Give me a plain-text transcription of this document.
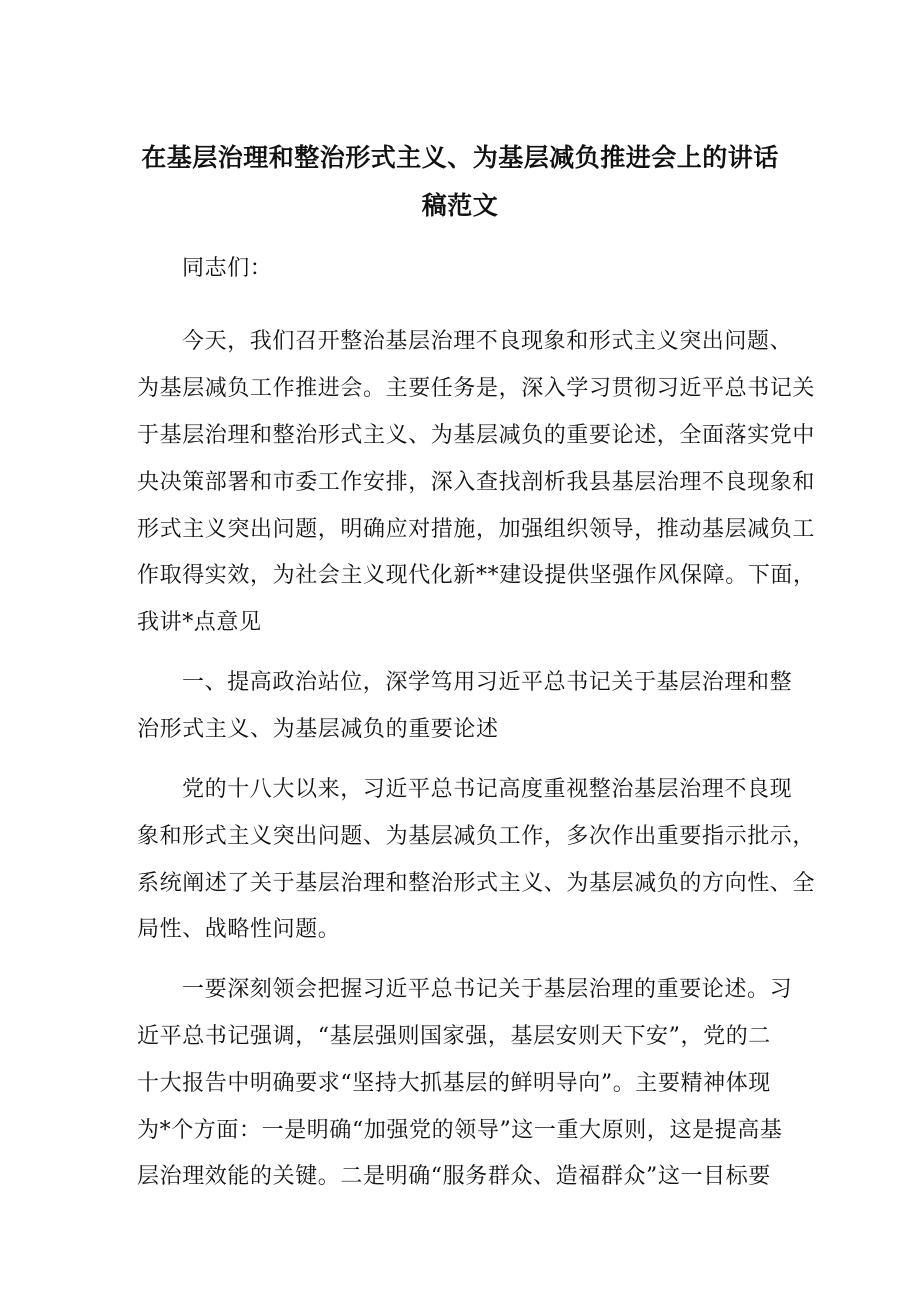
在基层治理和整治形式主义、为基层减负推进会上的讲话
稿范文

同志们：

今天，我们召开整治基层治理不良现象和形式主义突出问题、

为基层减负工作推进会。主要任务是，深入学习贯彻习近平总书记关

于基层治理和整治形式主义、为基层减负的重要论述，全面落实党中

央决策部署和市委工作安排，深入查找剖析我县基层治理不良现象和

形式主义突出问题，明确应对措施，加强组织领导，推动基层减负工

作取得实效，为社会主义现代化新**建设提供坚强作风保障。下面，

我讲*点意见

一、提高政治站位，深学笃用习近平总书记关于基层治理和整

治形式主义、为基层减负的重要论述

党的十八大以来，习近平总书记高度重视整治基层治理不良现

象和形式主义突出问题、为基层减负工作，多次作出重要指示批示，

系统阐述了关于基层治理和整治形式主义、为基层减负的方向性、全

局性、战略性问题。

一要深刻领会把握习近平总书记关于基层治理的重要论述。习

近平总书记强调，“基层强则国家强，基层安则天下安”，党的二

十大报告中明确要求“坚持大抓基层的鲜明导向”。主要精神体现

为*个方面：一是明确“加强党的领导”这一重大原则，这是提高基

层治理效能的关键。二是明确“服务群众、造福群众”这一目标要
